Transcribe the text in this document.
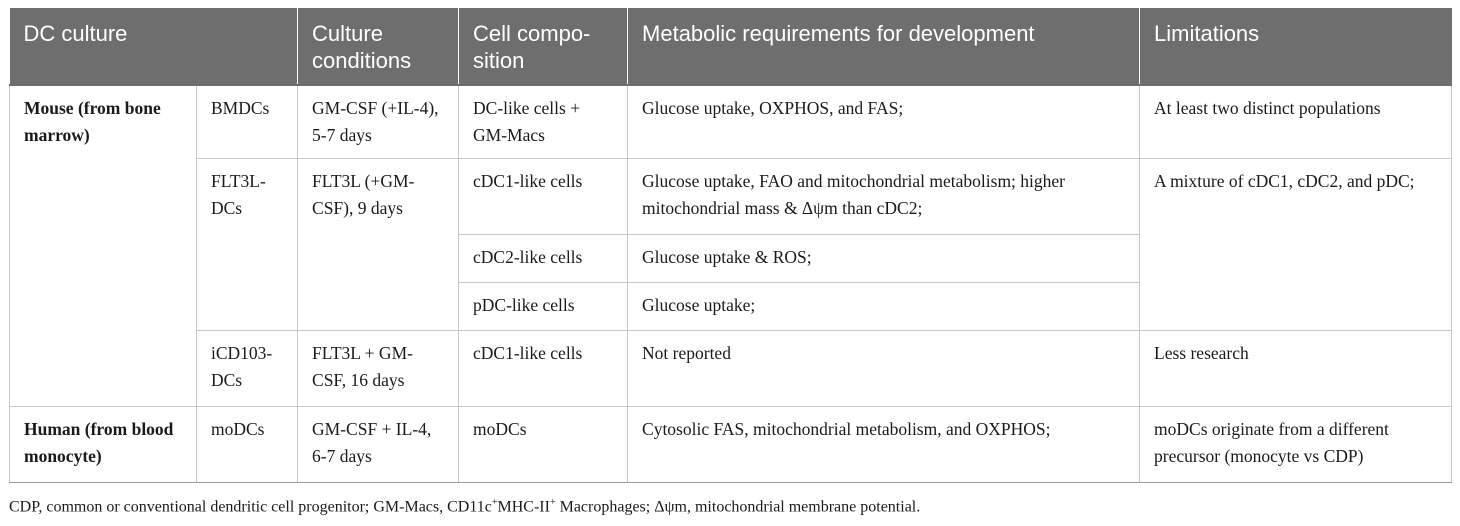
DC culture		Culture conditions	Cell compo-sition	Metabolic requirements for development	Limitations
Mouse (from bone marrow)	BMDCs	GM-CSF (+IL-4), 5-7 days	DC-like cells + GM-Macs	Glucose uptake, OXPHOS, and FAS;	At least two distinct populations
	FLT3L-DCs	FLT3L (+GM-CSF), 9 days	cDC1-like cells	Glucose uptake, FAO and mitochondrial metabolism; higher mitochondrial mass & Δψm than cDC2;	A mixture of cDC1, cDC2, and pDC;
			cDC2-like cells	Glucose uptake & ROS;	
			pDC-like cells	Glucose uptake;	
	iCD103-DCs	FLT3L + GM-CSF, 16 days	cDC1-like cells	Not reported	Less research
Human (from blood monocyte)	moDCs	GM-CSF + IL-4, 6-7 days	moDCs	Cytosolic FAS, mitochondrial metabolism, and OXPHOS;	moDCs originate from a different precursor (monocyte vs CDP)
CDP, common or conventional dendritic cell progenitor; GM-Macs, CD11c+MHC-II+ Macrophages; Δψm, mitochondrial membrane potential.
